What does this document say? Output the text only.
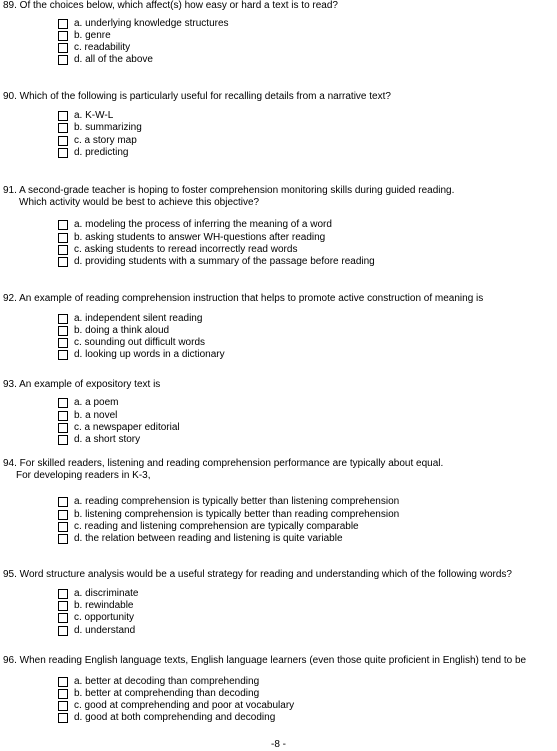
89. Of the choices below, which affect(s) how easy or hard a text is to read?
a. underlying knowledge structures
b. genre
c. readability
d. all of the above
90. Which of the following is particularly useful for recalling details from a narrative text?
a. K-W-L
b. summarizing
c. a story map
d. predicting
91. A second-grade teacher is hoping to foster comprehension monitoring skills during guided reading.
Which activity would be best to achieve this objective?
a. modeling the process of inferring the meaning of a word
b. asking students to answer WH-questions after reading
c. asking students to reread incorrectly read words
d. providing students with a summary of the passage before reading
92. An example of reading comprehension instruction that helps to promote active construction of meaning is
a. independent silent reading
b. doing a think aloud
c. sounding out difficult words
d. looking up words in a dictionary
93. An example of expository text is
a. a poem
b. a novel
c. a newspaper editorial
d. a short story
94. For skilled readers, listening and reading comprehension performance are typically about equal.
For developing readers in K-3,
a. reading comprehension is typically better than listening comprehension
b. listening comprehension is typically better than reading comprehension
c. reading and listening comprehension are typically comparable
d. the relation between reading and listening is quite variable
95. Word structure analysis would be a useful strategy for reading and understanding which of the following words?
a. discriminate
b. rewindable
c. opportunity
d. understand
96. When reading English language texts, English language learners (even those quite proficient in English) tend to be
a. better at decoding than comprehending
b. better at comprehending than decoding
c. good at comprehending and poor at vocabulary
d. good at both comprehending and decoding
-8 -
